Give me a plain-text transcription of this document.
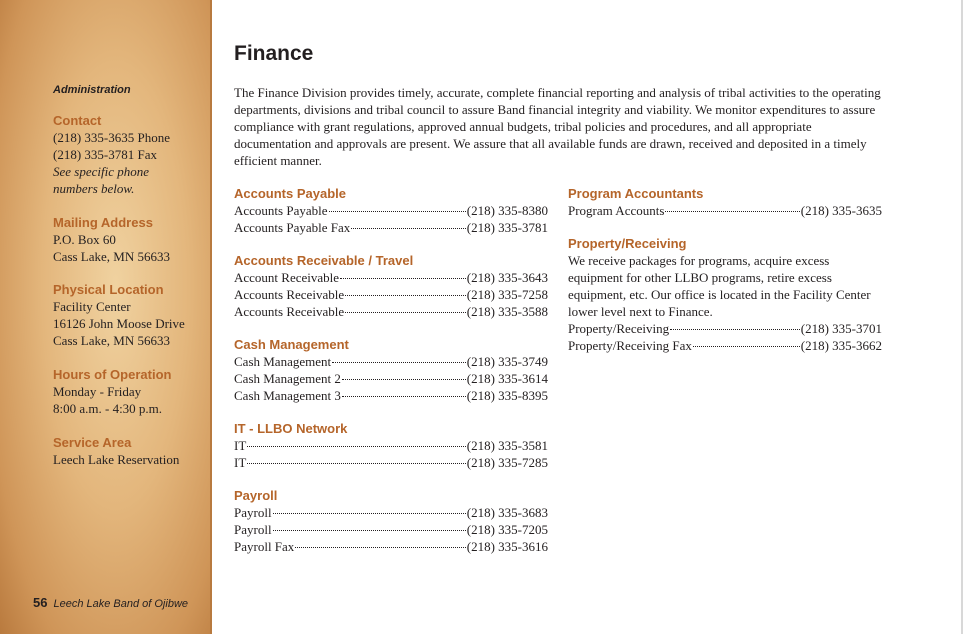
Administration
Contact
(218) 335-3635 Phone
(218) 335-3781 Fax
See specific phone
numbers below.
Mailing Address
P.O. Box 60
Cass Lake, MN 56633
Physical Location
Facility Center
16126 John Moose Drive
Cass Lake, MN 56633
Hours of Operation
Monday - Friday
8:00 a.m. - 4:30 p.m.
Service Area
Leech Lake Reservation
56 Leech Lake Band of Ojibwe
Finance
The Finance Division provides timely, accurate, complete financial reporting and analysis of tribal activities to the operating departments, divisions and tribal council to assure Band financial integrity and viability. We monitor expenditures to assure compliance with grant regulations, approved annual budgets, tribal policies and procedures, and all appropriate documentation and approvals are present. We assure that all available funds are drawn, received and deposited in a timely efficient manner.
Accounts Payable
Accounts Payable	(218) 335-8380
Accounts Payable Fax	(218) 335-3781
Accounts Receivable / Travel
Account Receivable	(218) 335-3643
Accounts Receivable	(218) 335-7258
Accounts Receivable	(218) 335-3588
Cash Management
Cash Management	(218) 335-3749
Cash Management 2	(218) 335-3614
Cash Management 3	(218) 335-8395
IT - LLBO Network
IT	(218) 335-3581
IT	(218) 335-7285
Payroll
Payroll	(218) 335-3683
Payroll	(218) 335-7205
Payroll Fax	(218) 335-3616
Program Accountants
Program Accounts	(218) 335-3635
Property/Receiving
We receive packages for programs, acquire excess equipment for other LLBO programs, retire excess equipment, etc. Our office is located in the Facility Center lower level next to Finance.
Property/Receiving	(218) 335-3701
Property/Receiving Fax	(218) 335-3662
